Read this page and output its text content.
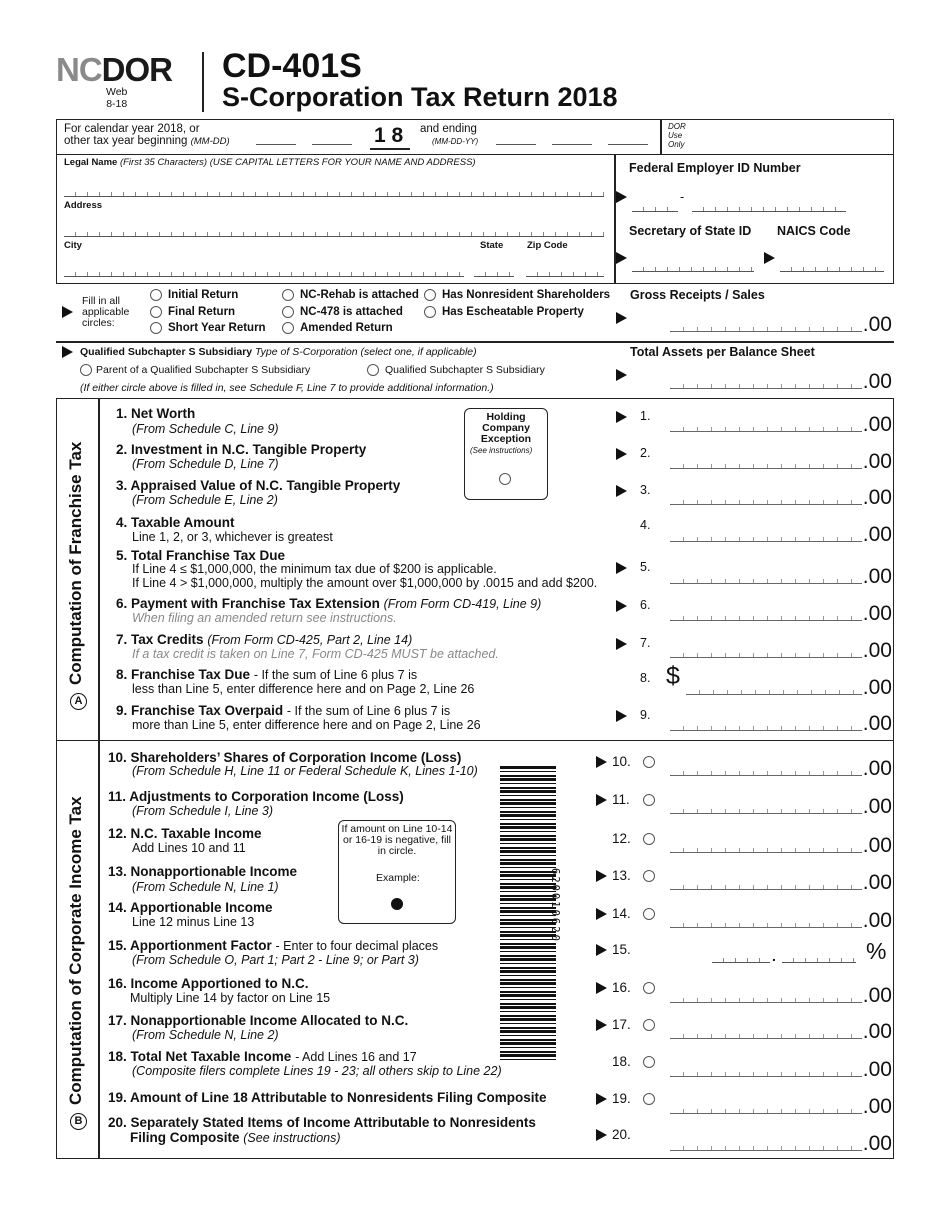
NCDOR
Web
8-18
CD-401S
S-Corporation Tax Return 2018
For calendar year 2018, or
other tax year beginning (MM-DD)	1 8 and ending
(MM-DD-YY)
DOR
Use
Only
Legal Name (First 35 Characters) (USE CAPITAL LETTERS FOR YOUR NAME AND ADDRESS)
Address
City	State	Zip Code
Federal Employer ID Number
-
Secretary of State ID NAICS Code
Fill in all
applicable
circles:
Initial Return
Final Return
Short Year Return
NC-Rehab is attached
NC-478 is attached
Amended Return
Has Nonresident Shareholders
Has Escheatable Property
Gross Receipts / Sales
.00
Qualified Subchapter S Subsidiary Type of S-Corporation (select one, if applicable)
Parent of a Qualified Subchapter S Subsidiary	Qualified Subchapter S Subsidiary
(If either circle above is filled in, see Schedule F, Line 7 to provide additional information.)
Total Assets per Balance Sheet
.00
AComputation of Franchise Tax
Holding
Company
Exception
(See instructions)
1. Net Worth
(From Schedule C, Line 9)
1.	.00
2. Investment in N.C. Tangible Property
(From Schedule D, Line 7)
2.	.00
3. Appraised Value of N.C. Tangible Property
(From Schedule E, Line 2)
3.	.00
4. Taxable Amount
Line 1, 2, or 3, whichever is greatest
4.	.00
5. Total Franchise Tax Due
If Line 4 ≤ $1,000,000, the minimum tax due of $200 is applicable.
If Line 4 > $1,000,000, multiply the amount over $1,000,000 by .0015 and add $200.
5.	.00
6. Payment with Franchise Tax Extension (From Form CD-419, Line 9)
When filing an amended return see instructions.
6.	.00
7. Tax Credits (From Form CD-425, Part 2, Line 14)
If a tax credit is taken on Line 7, Form CD-425 MUST be attached.
7.	.00
8. Franchise Tax Due - If the sum of Line 6 plus 7 is
less than Line 5, enter difference here and on Page 2, Line 26
8. $	.00
9. Franchise Tax Overpaid - If the sum of Line 6 plus 7 is
more than Line 5, enter difference here and on Page 2, Line 26
9.	.00
BComputation of Corporate Income Tax	620010620
If amount on Line 10-14
or 16-19 is negative, fill
in circle.
Example:
10. Shareholders’ Shares of Corporation Income (Loss)
(From Schedule H, Line 11 or Federal Schedule K, Lines 1-10)
10.	.00
11. Adjustments to Corporation Income (Loss)
(From Schedule I, Line 3)
11.	.00
12. N.C. Taxable Income
Add Lines 10 and 11
12.	.00
13. Nonapportionable Income
(From Schedule N, Line 1)
13.	.00
14. Apportionable Income
Line 12 minus Line 13
14.	.00
15. Apportionment Factor - Enter to four decimal places
(From Schedule O, Part 1; Part 2 - Line 9; or Part 3)
15.	.	%
16. Income Apportioned to N.C.
Multiply Line 14 by factor on Line 15
16.	.00
17. Nonapportionable Income Allocated to N.C.
(From Schedule N, Line 2)
17.	.00
18. Total Net Taxable Income - Add Lines 16 and 17
(Composite filers complete Lines 19 - 23; all others skip to Line 22)
18.	.00
19. Amount of Line 18 Attributable to Nonresidents Filing Composite	19.	.00
20. Separately Stated Items of Income Attributable to Nonresidents
Filing Composite (See instructions)	20.	.00
